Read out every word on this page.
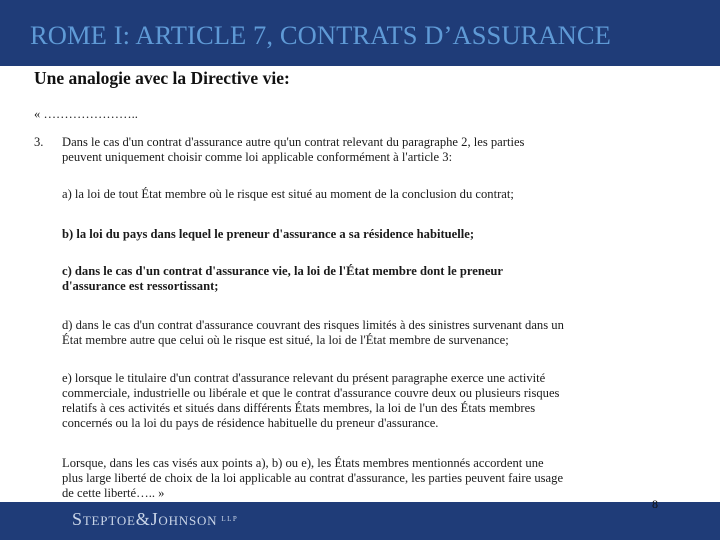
ROME I: ARTICLE 7, CONTRATS D’ASSURANCE
Une analogie avec la Directive vie:
« …………………..
3. Dans le cas d'un contrat d'assurance autre qu'un contrat relevant du paragraphe 2, les parties
peuvent uniquement choisir comme loi applicable conformément à l'article 3:
a) la loi de tout État membre où le risque est situé au moment de la conclusion du contrat;
b) la loi du pays dans lequel le preneur d'assurance a sa résidence habituelle;
c) dans le cas d'un contrat d'assurance vie, la loi de l'État membre dont le preneur
d'assurance est ressortissant;
d) dans le cas d'un contrat d'assurance couvrant des risques limités à des sinistres survenant dans un
État membre autre que celui où le risque est situé, la loi de l'État membre de survenance;
e) lorsque le titulaire d'un contrat d'assurance relevant du présent paragraphe exerce une activité
commerciale, industrielle ou libérale et que le contrat d'assurance couvre deux ou plusieurs risques
relatifs à ces activités et situés dans différents États membres, la loi de l'un des États membres
concernés ou la loi du pays de résidence habituelle du preneur d'assurance.
Lorsque, dans les cas visés aux points a), b) ou e), les États membres mentionnés accordent une
plus large liberté de choix de la loi applicable au contrat d'assurance, les parties peuvent faire usage
de cette liberté….. »
STEPTOE&JOHNSON $^{LLP}$
8
